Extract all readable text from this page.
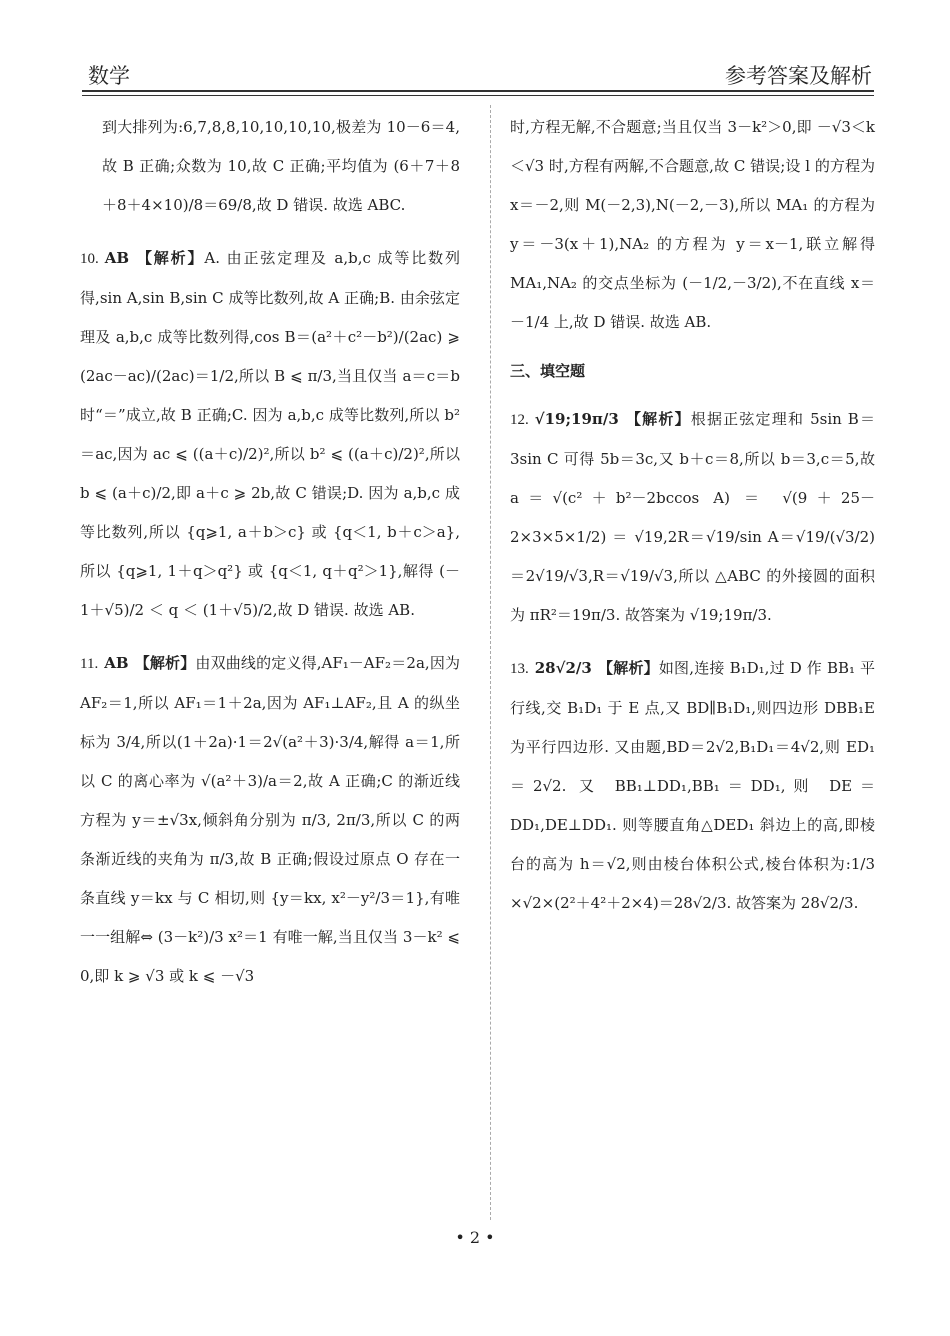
数学	参考答案及解析

到大排列为:6,7,8,8,10,10,10,10,极差为 10－6＝4,故 B 正确;众数为 10,故 C 正确;平均值为 (6＋7＋8＋8＋4×10)/8＝69/8,故 D 错误. 故选 ABC.

10. AB 【解析】A. 由正弦定理及 a,b,c 成等比数列得,sin A,sin B,sin C 成等比数列,故 A 正确;B. 由余弦定理及 a,b,c 成等比数列得,cos B＝(a²＋c²－b²)/(2ac) ⩾ (2ac－ac)/(2ac)＝1/2,所以 B ⩽ π/3,当且仅当 a＝c＝b 时“＝”成立,故 B 正确;C. 因为 a,b,c 成等比数列,所以 b²＝ac,因为 ac ⩽ ((a＋c)/2)²,所以 b² ⩽ ((a＋c)/2)²,所以 b ⩽ (a＋c)/2,即 a＋c ⩾ 2b,故 C 错误;D. 因为 a,b,c 成等比数列,所以 {q⩾1, a＋b＞c} 或 {q＜1, b＋c＞a},所以 {q⩾1, 1＋q＞q²} 或 {q＜1, q＋q²＞1},解得 (－1＋√5)/2 ＜ q ＜ (1＋√5)/2,故 D 错误. 故选 AB.

11. AB 【解析】由双曲线的定义得,AF₁－AF₂＝2a,因为 AF₂＝1,所以 AF₁＝1＋2a,因为 AF₁⊥AF₂,且 A 的纵坐标为 3/4,所以(1＋2a)·1＝2√(a²＋3)·3/4,解得 a＝1,所以 C 的离心率为 √(a²＋3)/a＝2,故 A 正确;C 的渐近线方程为 y＝±√3x,倾斜角分别为 π/3, 2π/3,所以 C 的两条渐近线的夹角为 π/3,故 B 正确;假设过原点 O 存在一条直线 y＝kx 与 C 相切,则 {y＝kx, x²－y²/3＝1},有唯一一组解⇔ (3－k²)/3 x²＝1 有唯一解,当且仅当 3－k² ⩽ 0,即 k ⩾ √3 或 k ⩽ －√3

时,方程无解,不合题意;当且仅当 3－k²＞0,即 －√3＜k＜√3 时,方程有两解,不合题意,故 C 错误;设 l 的方程为 x＝－2,则 M(－2,3),N(－2,－3),所以 MA₁ 的方程为 y＝－3(x＋1),NA₂ 的方程为 y＝x－1,联立解得 MA₁,NA₂ 的交点坐标为 (－1/2,－3/2),不在直线 x＝－1/4 上,故 D 错误. 故选 AB.

三、填空题

12. √19;19π/3 【解析】根据正弦定理和 5sin B＝3sin C 可得 5b＝3c,又 b＋c＝8,所以 b＝3,c＝5,故 a＝√(c²＋b²－2bccos A) ＝ √(9＋25－2×3×5×1/2) ＝ √19,2R＝√19/sin A＝√19/(√3/2)＝2√19/√3,R＝√19/√3,所以 △ABC 的外接圆的面积为 πR²＝19π/3. 故答案为 √19;19π/3.

13. 28√2/3 【解析】如图,连接 B₁D₁,过 D 作 BB₁ 平行线,交 B₁D₁ 于 E 点,又 BD∥B₁D₁,则四边形 DBB₁E 为平行四边形. 又由题,BD＝2√2,B₁D₁＝4√2,则 ED₁＝2√2. 又 BB₁⊥DD₁,BB₁＝DD₁,则 DE＝DD₁,DE⊥DD₁. 则等腰直角△DED₁ 斜边上的高,即棱台的高为 h＝√2,则由棱台体积公式,棱台体积为:1/3 ×√2×(2²＋4²＋2×4)＝28√2/3. 故答案为 28√2/3.

• 2 •
